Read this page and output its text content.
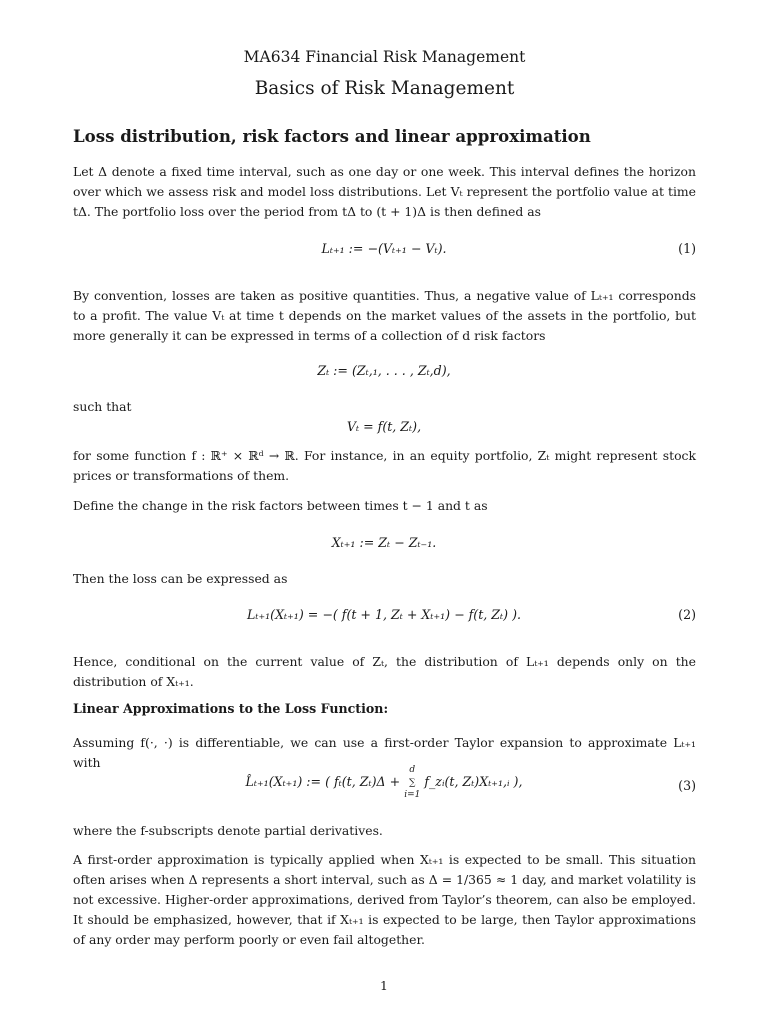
MA634 Financial Risk Management
Basics of Risk Management
Loss distribution, risk factors and linear approximation
Let Δ denote a fixed time interval, such as one day or one week. This interval defines the horizon over which we assess risk and model loss distributions. Let Vₜ represent the portfolio value at time tΔ. The portfolio loss over the period from tΔ to (t + 1)Δ is then defined as
Lₜ₊₁ := −(Vₜ₊₁ − Vₜ).	(1)
By convention, losses are taken as positive quantities. Thus, a negative value of Lₜ₊₁ corresponds to a profit. The value Vₜ at time t depends on the market values of the assets in the portfolio, but more generally it can be expressed in terms of a collection of d risk factors
Zₜ := (Zₜ,₁, . . . , Zₜ,d),
such that
Vₜ = f(t, Zₜ),
for some function f : ℝ⁺ × ℝᵈ → ℝ. For instance, in an equity portfolio, Zₜ might represent stock prices or transformations of them.
Define the change in the risk factors between times t − 1 and t as
Xₜ₊₁ := Zₜ − Zₜ₋₁.
Then the loss can be expressed as
Lₜ₊₁(Xₜ₊₁) = −( f(t + 1, Zₜ + Xₜ₊₁) − f(t, Zₜ) ).	(2)
Hence, conditional on the current value of Zₜ, the distribution of Lₜ₊₁ depends only on the distribution of Xₜ₊₁.
Linear Approximations to the Loss Function:
Assuming f(·, ·) is differentiable, we can use a first-order Taylor expansion to approximate Lₜ₊₁ with
L̂ₜ₊₁(Xₜ₊₁) := ( fₜ(t, Zₜ)Δ +
d
∑
i=1
f_zᵢ(t, Zₜ)Xₜ₊₁,ᵢ ),	(3)
where the f-subscripts denote partial derivatives.
A first-order approximation is typically applied when Xₜ₊₁ is expected to be small. This situation often arises when Δ represents a short interval, such as Δ = 1/365 ≈ 1 day, and market volatility is not excessive. Higher-order approximations, derived from Taylor’s theorem, can also be employed. It should be emphasized, however, that if Xₜ₊₁ is expected to be large, then Taylor approximations of any order may perform poorly or even fail altogether.
1
